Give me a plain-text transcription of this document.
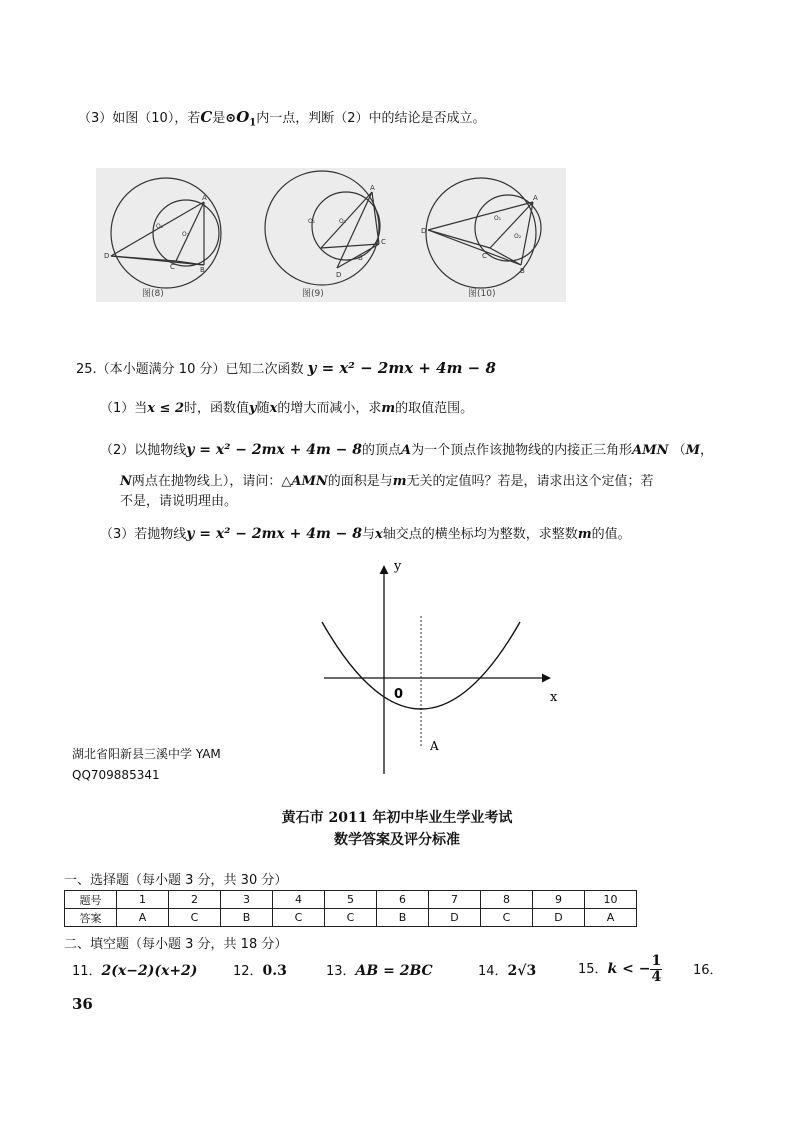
（3）如图（10），若C是$⊙O_1$内一点，判断（2）中的结论是否成立。
A
D
C	B
O₁
O₂
图(8)
A
O₁	O₂
C
D
B
图(9)
A
D
O₁
O₂
C
B
图(10)
25.（本小题满分 10 分）已知二次函数 y = x² − 2mx + 4m − 8
（1）当x ≤ 2时，函数值y随x的增大而减小，求m的取值范围。
（2）以抛物线y = x² − 2mx + 4m − 8的顶点A为一个顶点作该抛物线的内接正三角形AMN （M，
N两点在抛物线上），请问：△AMN的面积是与m无关的定值吗？若是，请求出这个定值；若
不是，请说明理由。
（3）若抛物线y = x² − 2mx + 4m − 8与x轴交点的横坐标均为整数，求整数m的值。
y
x
0
A
湖北省阳新县三溪中学 YAM
QQ709885341
黄石市 2011 年初中毕业生学业考试
数学答案及评分标准
一、选择题（每小题 3 分，共 30 分）
题号	1	2	3	4	5	6	7	8	9	10
答案	A	C	B	C	C	B	D	C	D	A
二、填空题（每小题 3 分，共 18 分）
11．2(x−2)(x+2)	12．0.3	13．AB = 2BC	14．2√3	15．k < − $\frac{1}{4} 16$．
36
